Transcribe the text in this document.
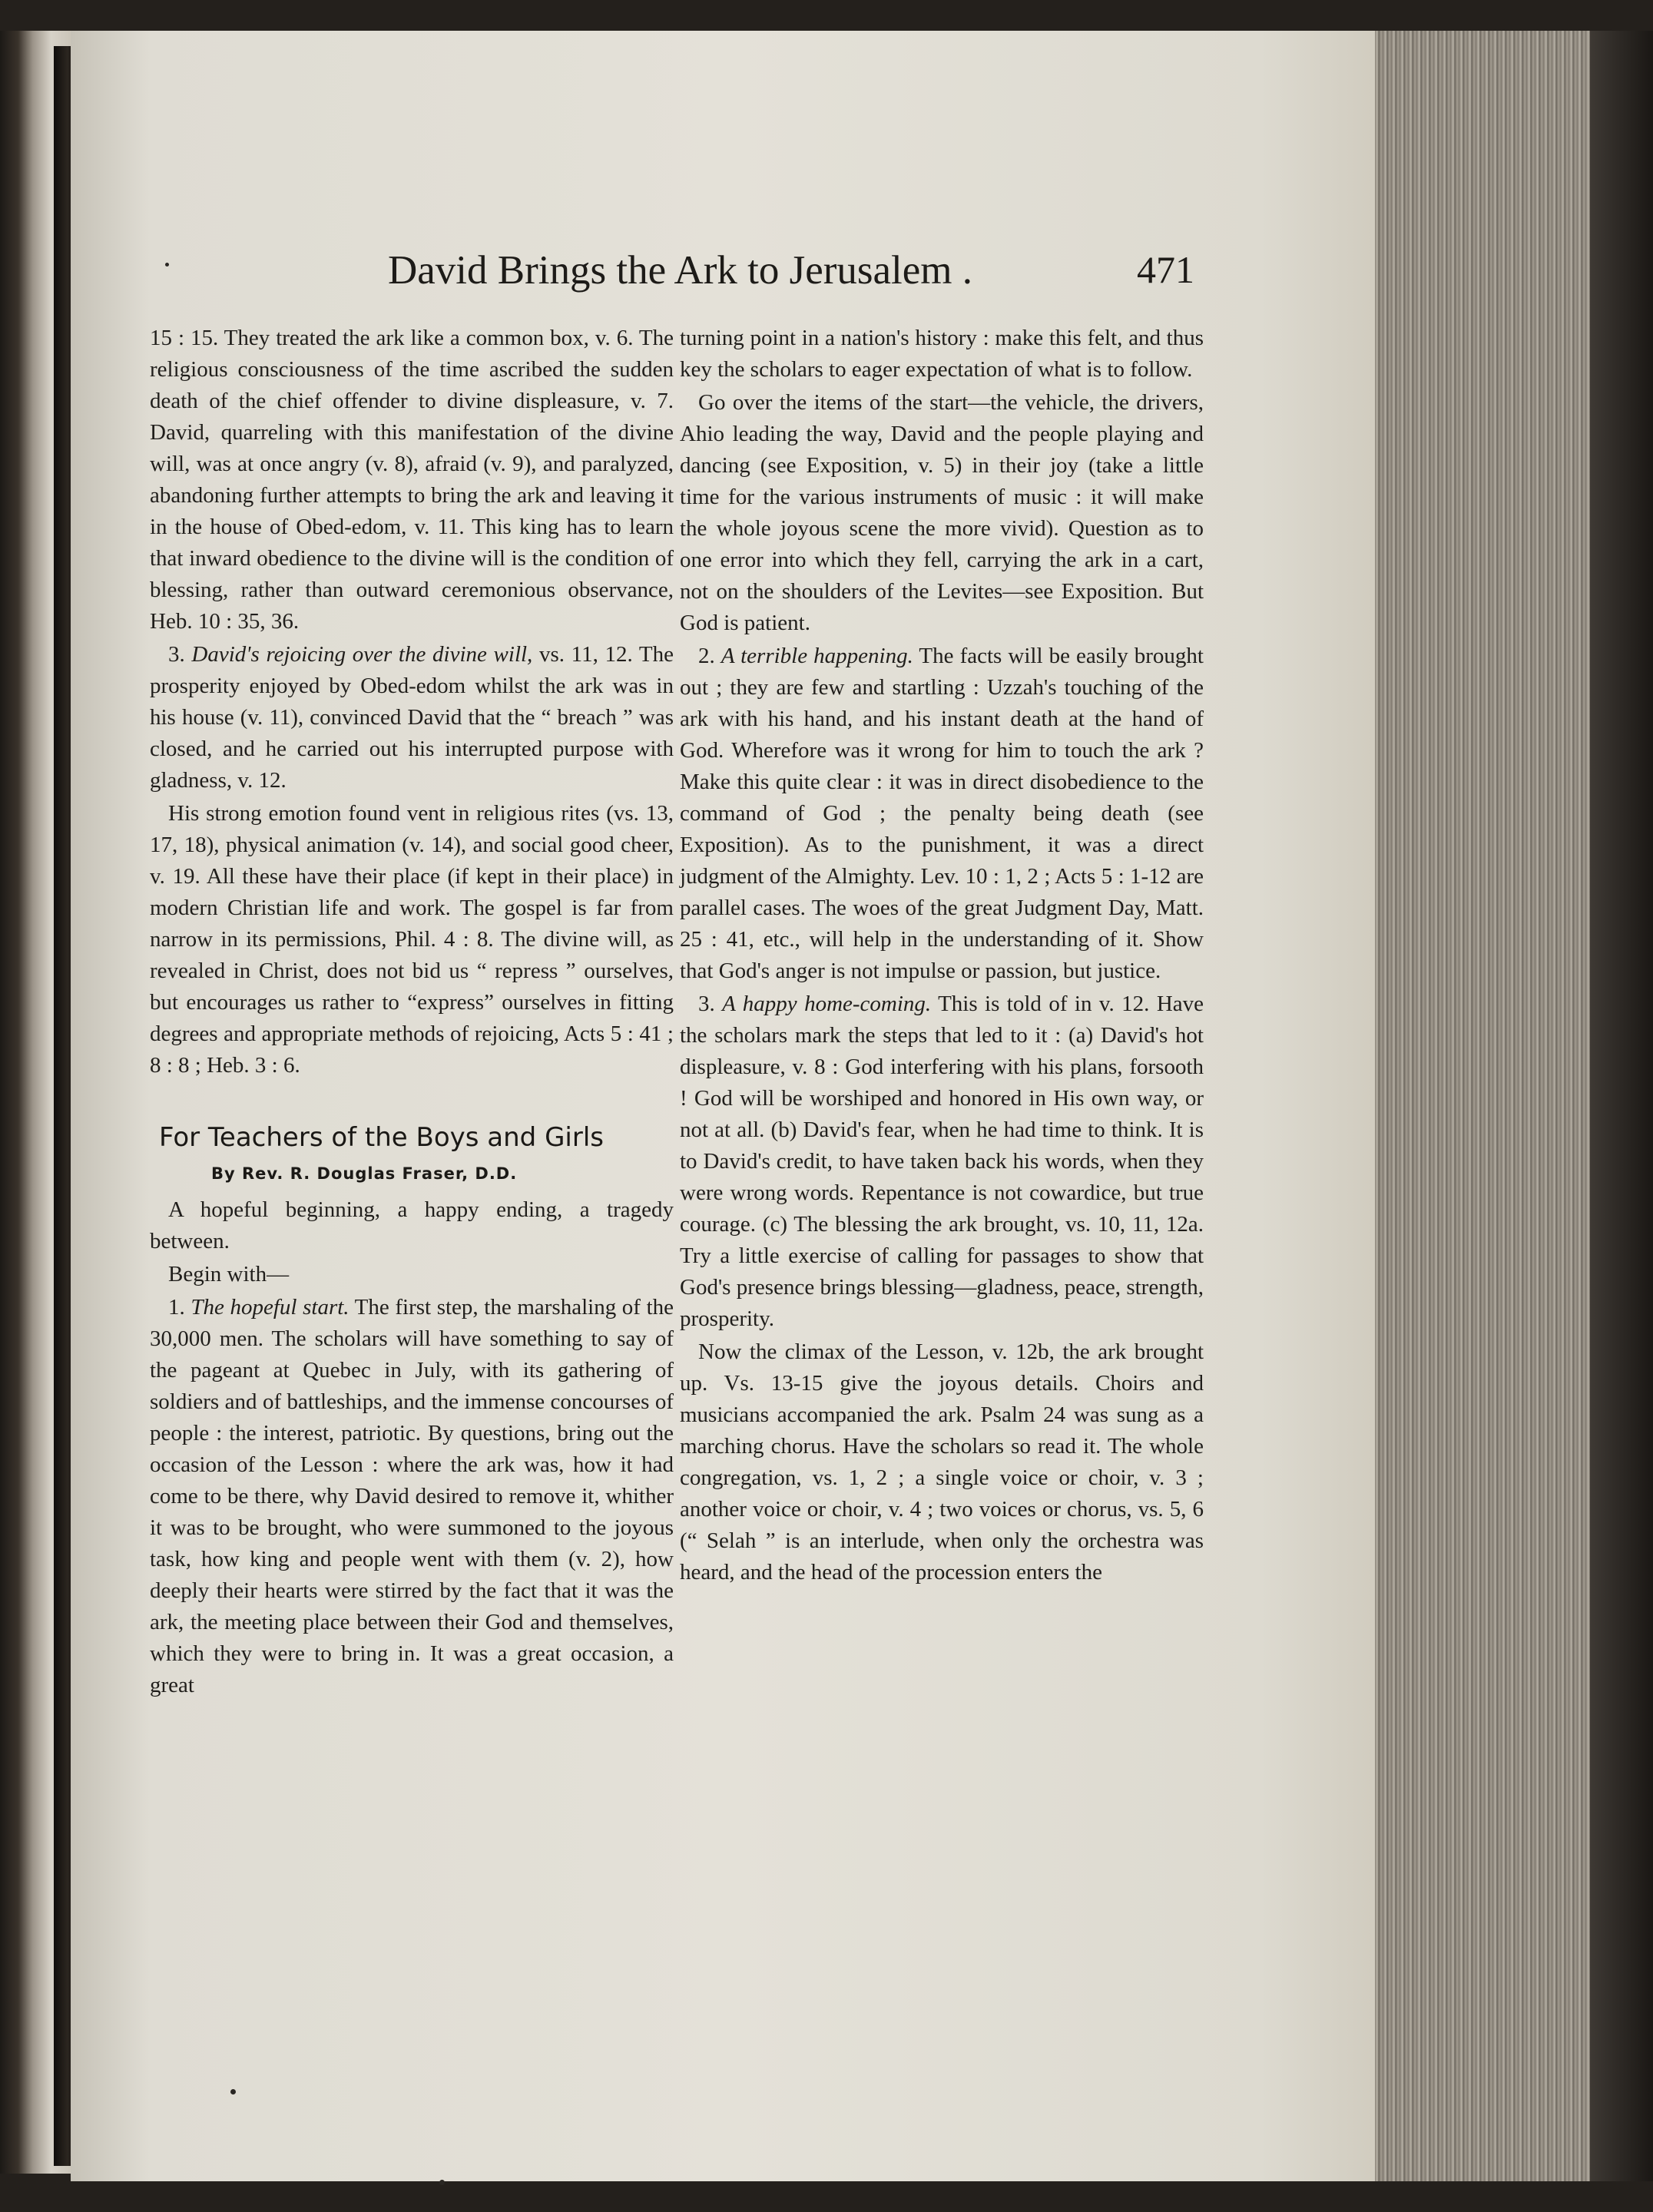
David Brings the Ark to Jerusalem .	471

15 : 15. They treated the ark like a common box, v. 6. The religious consciousness of the time ascribed the sudden death of the chief offender to divine displeasure, v. 7. David, quarreling with this manifestation of the divine will, was at once angry (v. 8), afraid (v. 9), and paralyzed, abandoning further attempts to bring the ark and leaving it in the house of Obed-edom, v. 11. This king has to learn that inward obedience to the divine will is the condition of blessing, rather than outward ceremonious observance, Heb. 10 : 35, 36.

3. David's rejoicing over the divine will, vs. 11, 12. The prosperity enjoyed by Obed-edom whilst the ark was in his house (v. 11), convinced David that the “ breach ” was closed, and he carried out his interrupted purpose with gladness, v. 12.

His strong emotion found vent in religious rites (vs. 13, 17, 18), physical animation (v. 14), and social good cheer, v. 19. All these have their place (if kept in their place) in modern Christian life and work. The gospel is far from narrow in its permissions, Phil. 4 : 8. The divine will, as revealed in Christ, does not bid us “ repress ” ourselves, but encourages us rather to “express” ourselves in fitting degrees and appropriate methods of rejoicing, Acts 5 : 41 ; 8 : 8 ; Heb. 3 : 6.

For Teachers of the Boys and Girls
By Rev. R. Douglas Fraser, D.D.

A hopeful beginning, a happy ending, a tragedy between.

Begin with—

1. The hopeful start. The first step, the marshaling of the 30,000 men. The scholars will have something to say of the pageant at Quebec in July, with its gathering of soldiers and of battleships, and the immense concourses of people : the interest, patriotic. By questions, bring out the occasion of the Lesson : where the ark was, how it had come to be there, why David desired to remove it, whither it was to be brought, who were summoned to the joyous task, how king and people went with them (v. 2), how deeply their hearts were stirred by the fact that it was the ark, the meeting place between their God and themselves, which they were to bring in. It was a great occasion, a great

turning point in a nation's history : make this felt, and thus key the scholars to eager expectation of what is to follow.

Go over the items of the start—the vehicle, the drivers, Ahio leading the way, David and the people playing and dancing (see Exposition, v. 5) in their joy (take a little time for the various instruments of music : it will make the whole joyous scene the more vivid). Question as to one error into which they fell, carrying the ark in a cart, not on the shoulders of the Levites—see Exposition. But God is patient.

2. A terrible happening. The facts will be easily brought out ; they are few and startling : Uzzah's touching of the ark with his hand, and his instant death at the hand of God. Wherefore was it wrong for him to touch the ark ? Make this quite clear : it was in direct disobedience to the command of God ; the penalty being death (see Exposition). As to the punishment, it was a direct judgment of the Almighty. Lev. 10 : 1, 2 ; Acts 5 : 1-12 are parallel cases. The woes of the great Judgment Day, Matt. 25 : 41, etc., will help in the understanding of it. Show that God's anger is not impulse or passion, but justice.

3. A happy home-coming. This is told of in v. 12. Have the scholars mark the steps that led to it : (a) David's hot displeasure, v. 8 : God interfering with his plans, forsooth ! God will be worshiped and honored in His own way, or not at all. (b) David's fear, when he had time to think. It is to David's credit, to have taken back his words, when they were wrong words. Repentance is not cowardice, but true courage. (c) The blessing the ark brought, vs. 10, 11, 12a. Try a little exercise of calling for passages to show that God's presence brings blessing—gladness, peace, strength, prosperity.

Now the climax of the Lesson, v. 12b, the ark brought up. Vs. 13-15 give the joyous details. Choirs and musicians accompanied the ark. Psalm 24 was sung as a marching chorus. Have the scholars so read it. The whole congregation, vs. 1, 2 ; a single voice or choir, v. 3 ; another voice or choir, v. 4 ; two voices or chorus, vs. 5, 6 (“ Selah ” is an interlude, when only the orchestra was heard, and the head of the procession enters the
